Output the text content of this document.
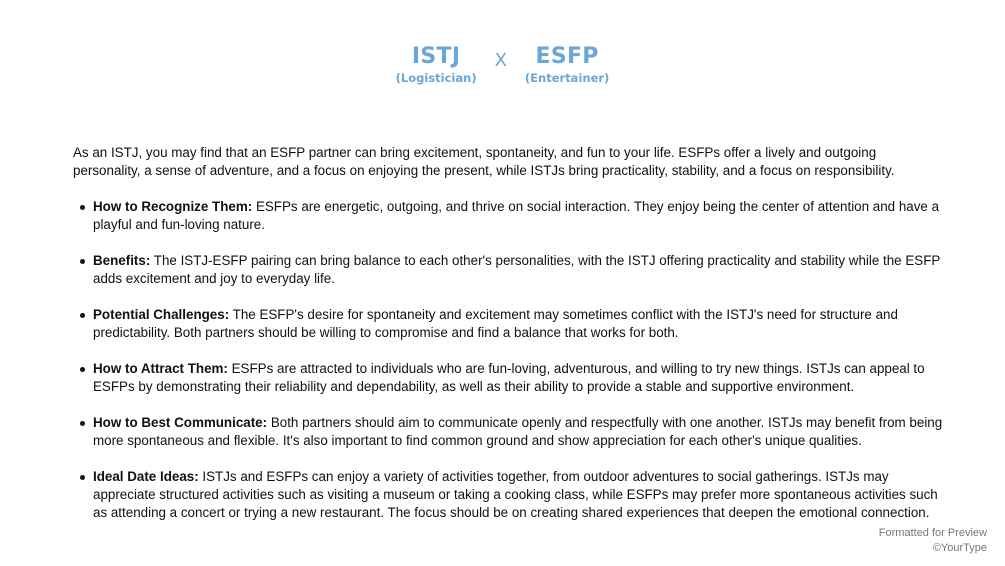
ISTJ
(Logistician)
X ESFP
(Entertainer)

As an ISTJ, you may find that an ESFP partner can bring excitement, spontaneity, and fun to your life. ESFPs offer a lively and outgoing personality, a sense of adventure, and a focus on enjoying the present, while ISTJs bring practicality, stability, and a focus on responsibility.

How to Recognize Them: ESFPs are energetic, outgoing, and thrive on social interaction. They enjoy being the center of attention and have a playful and fun-loving nature.
Benefits: The ISTJ-ESFP pairing can bring balance to each other's personalities, with the ISTJ offering practicality and stability while the ESFP adds excitement and joy to everyday life.
Potential Challenges: The ESFP's desire for spontaneity and excitement may sometimes conflict with the ISTJ's need for structure and predictability. Both partners should be willing to compromise and find a balance that works for both.
How to Attract Them: ESFPs are attracted to individuals who are fun-loving, adventurous, and willing to try new things. ISTJs can appeal to ESFPs by demonstrating their reliability and dependability, as well as their ability to provide a stable and supportive environment.
How to Best Communicate: Both partners should aim to communicate openly and respectfully with one another. ISTJs may benefit from being more spontaneous and flexible. It's also important to find common ground and show appreciation for each other's unique qualities.
Ideal Date Ideas: ISTJs and ESFPs can enjoy a variety of activities together, from outdoor adventures to social gatherings. ISTJs may appreciate structured activities such as visiting a museum or taking a cooking class, while ESFPs may prefer more spontaneous activities such as attending a concert or trying a new restaurant. The focus should be on creating shared experiences that deepen the emotional connection.
Formatted for Preview
©YourType
